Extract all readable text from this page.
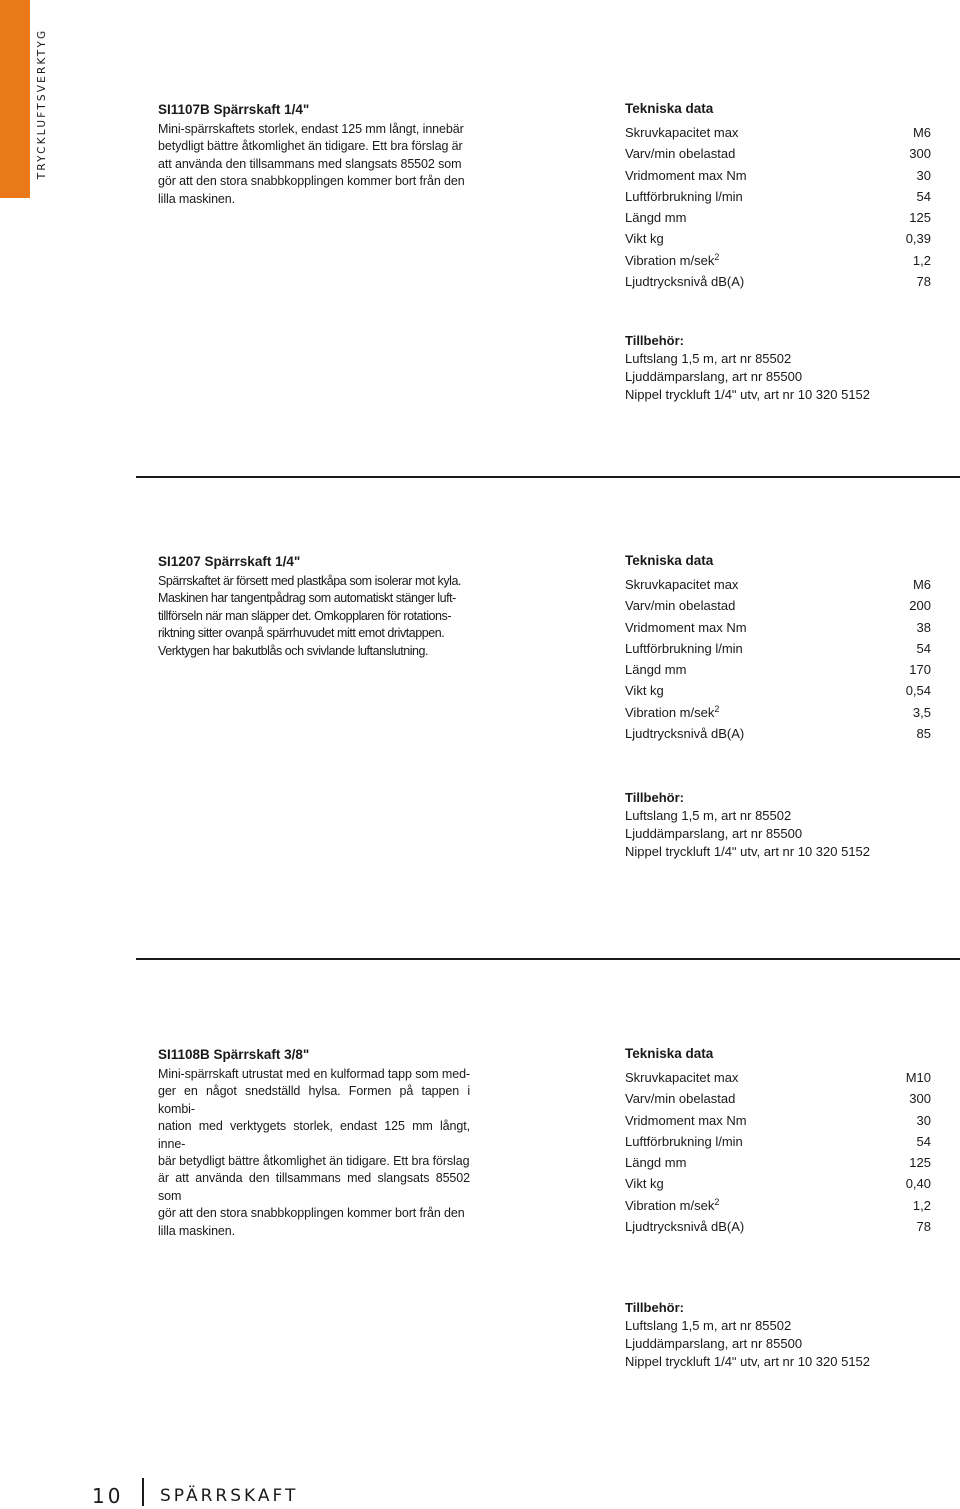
TRYCKLUFTSVERKTYG	SI1107B Spärrskaft 1/4ʺ

Mini-spärrskaftets storlek, endast 125 mm långt, innebär
betydligt bättre åtkomlighet än tidigare. Ett bra förslag är
att använda den tillsammans med slangsats 85502 som
gör att den stora snabbkopplingen kommer bort från den
lilla maskinen.

Tekniska data
Skruvkapacitet max	M6
Varv/min obelastad	300
Vridmoment max Nm	30
Luftförbrukning l/min	54
Längd mm	125
Vikt kg	0,39
Vibration m/sek$^2$	1,2
Ljudtrycksnivå dB(A)	78
Tillbehör:
Luftslang 1,5 m, art nr 85502
Ljuddämparslang, art nr 85500
Nippel tryckluft 1/4ʺ utv, art nr 10 320 5152
SI1207 Spärrskaft 1/4ʺ

Spärrskaftet är försett med plastkåpa som isolerar mot kyla.
Maskinen har tangentpådrag som automatiskt stänger luft-
tillförseln när man släpper det. Omkopplaren för rotations-
riktning sitter ovanpå spärrhuvudet mitt emot drivtappen.
Verktygen har bakutblås och svivlande luftanslutning.

Tekniska data
Skruvkapacitet max	M6
Varv/min obelastad	200
Vridmoment max Nm	38
Luftförbrukning l/min	54
Längd mm	170
Vikt kg	0,54
Vibration m/sek$^2$	3,5
Ljudtrycksnivå dB(A)	85
Tillbehör:
Luftslang 1,5 m, art nr 85502
Ljuddämparslang, art nr 85500
Nippel tryckluft 1/4ʺ utv, art nr 10 320 5152
SI1108B Spärrskaft 3/8ʺ

Mini-spärrskaft utrustat med en kulformad tapp som med-
ger en något snedställd hylsa. Formen på tappen i kombi-
nation med verktygets storlek, endast 125 mm långt, inne-
bär betydligt bättre åtkomlighet än tidigare. Ett bra förslag
är att använda den tillsammans med slangsats 85502 som
gör att den stora snabbkopplingen kommer bort från den
lilla maskinen.

Tekniska data
Skruvkapacitet max	M10
Varv/min obelastad	300
Vridmoment max Nm	30
Luftförbrukning l/min	54
Längd mm	125
Vikt kg	0,40
Vibration m/sek$^2$	1,2
Ljudtrycksnivå dB(A)	78
Tillbehör:
Luftslang 1,5 m, art nr 85502
Ljuddämparslang, art nr 85500
Nippel tryckluft 1/4ʺ utv, art nr 10 320 5152
10 SPÄRRSKAFT
